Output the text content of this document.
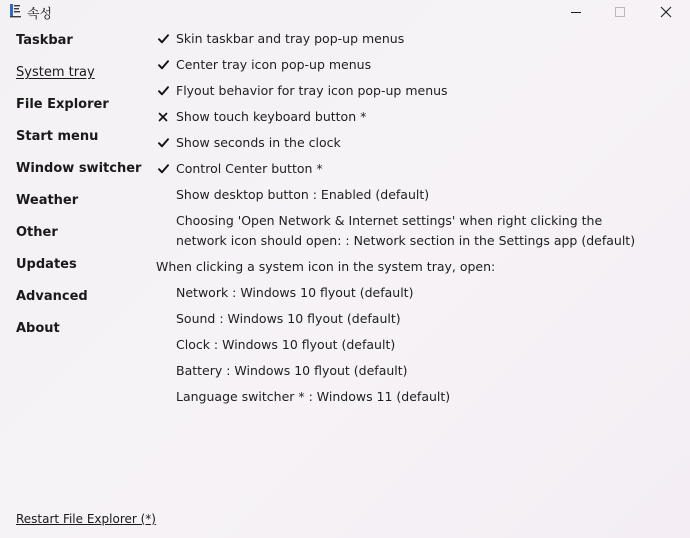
속성
Taskbar
System tray
File Explorer
Start menu
Window switcher
Weather
Other
Updates
Advanced
About
Skin taskbar and tray pop-up menus
Center tray icon pop-up menus
Flyout behavior for tray icon pop-up menus
Show touch keyboard button *
Show seconds in the clock
Control Center button *
Show desktop button : Enabled (default)
Choosing 'Open Network & Internet settings' when right clicking the
network icon should open: : Network section in the Settings app (default)
When clicking a system icon in the system tray, open:
Network : Windows 10 flyout (default)
Sound : Windows 10 flyout (default)
Clock : Windows 10 flyout (default)
Battery : Windows 10 flyout (default)
Language switcher * : Windows 11 (default)
Restart File Explorer (*)
